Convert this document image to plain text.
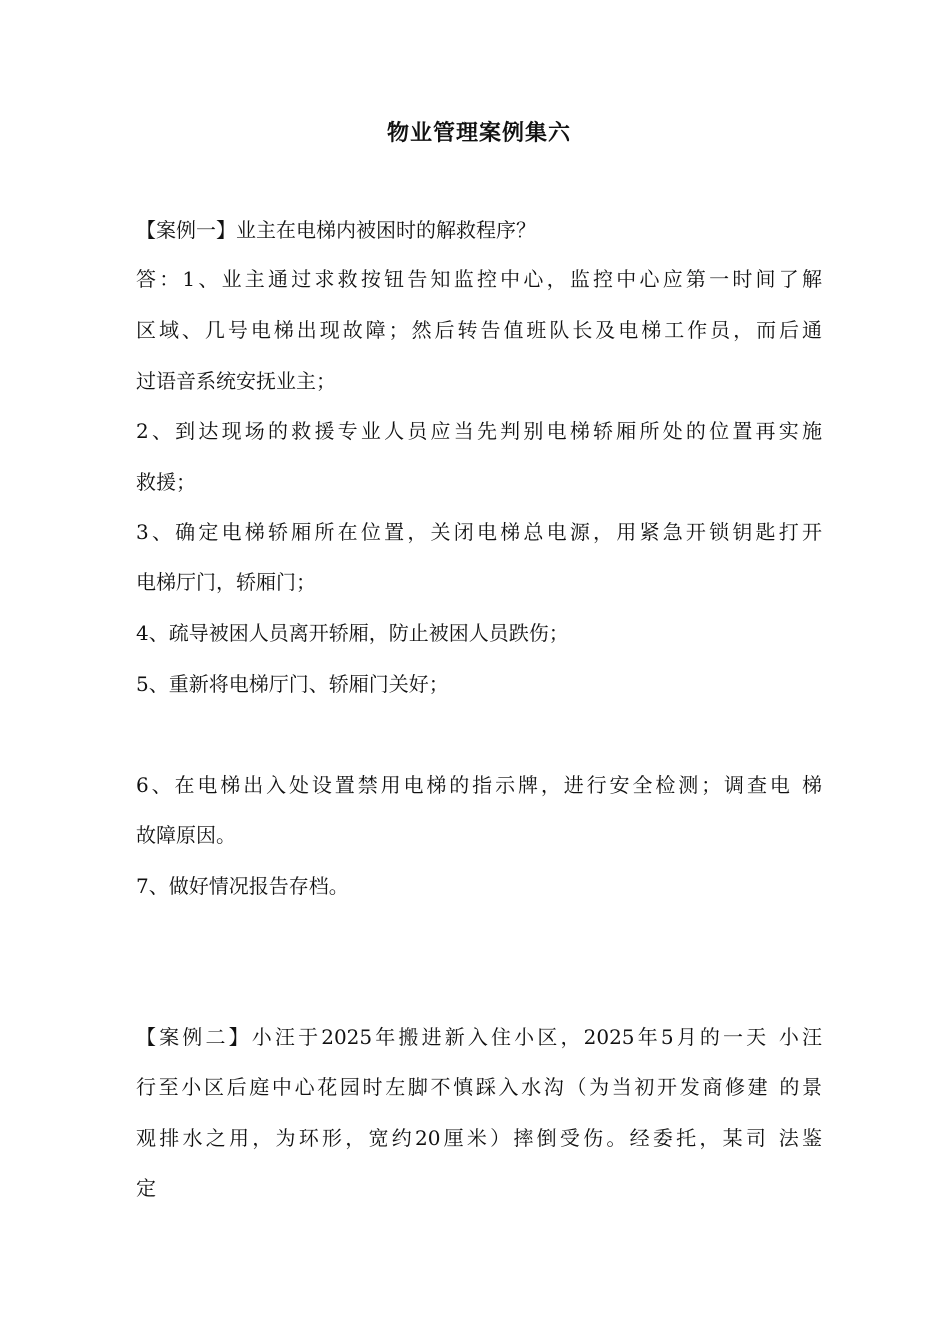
物业管理案例集六
【案例一】业主在电梯内被困时的解救程序？
答：1、业主通过求救按钮告知监控中心，监控中心应第一时间了解
区域、几号电梯出现故障；然后转告值班队长及电梯工作员，而后通
过语音系统安抚业主；
2、到达现场的救援专业人员应当先判别电梯轿厢所处的位置再实施
救援；
3、确定电梯轿厢所在位置，关闭电梯总电源，用紧急开锁钥匙打开
电梯厅门，轿厢门；
4、疏导被困人员离开轿厢，防止被困人员跌伤；
5、重新将电梯厅门、轿厢门关好；
6、在电梯出入处设置禁用电梯的指示牌，进行安全检测；调查电 梯
故障原因。
7、做好情况报告存档。
【案例二】小汪于2025年搬进新入住小区，2025年5月的一天 小汪
行至小区后庭中心花园时左脚不慎踩入水沟（为当初开发商修建 的景
观排水之用，为环形，宽约20厘米）摔倒受伤。经委托，某司 法鉴
定
